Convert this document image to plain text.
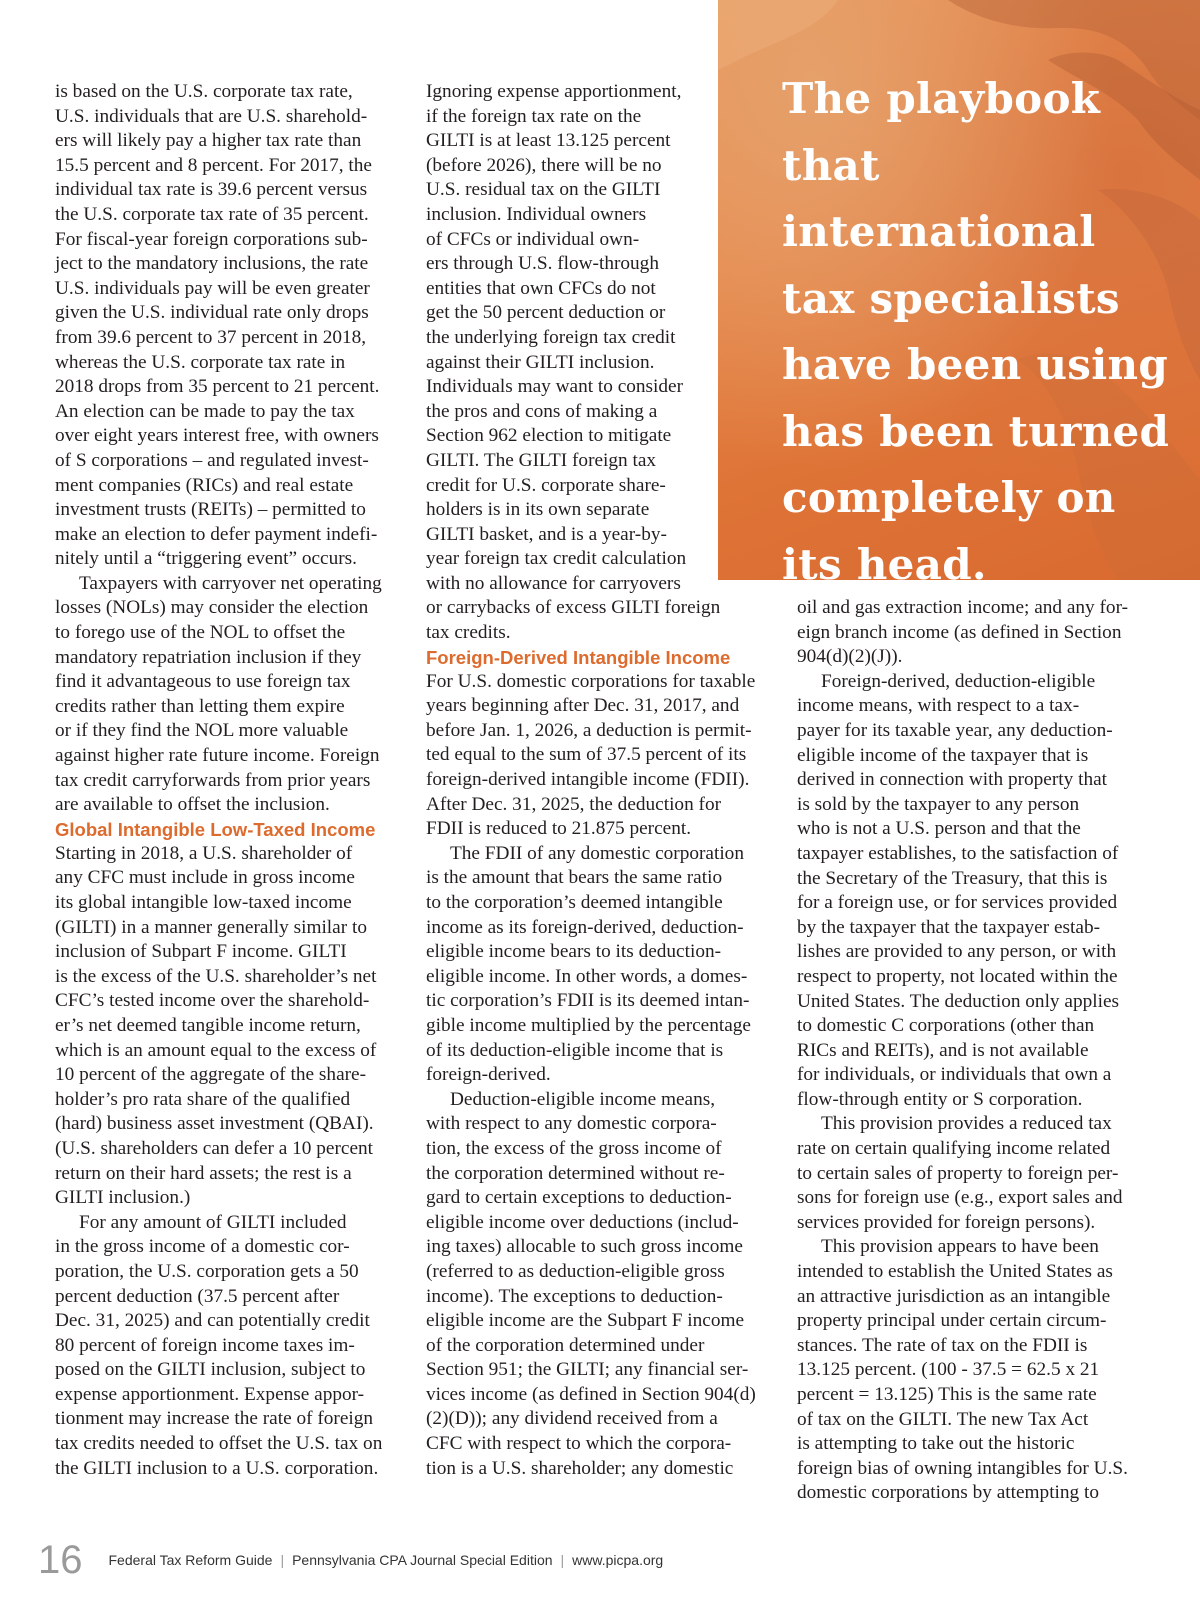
is based on the U.S. corporate tax rate,

U.S. individuals that are U.S. sharehold-

ers will likely pay a higher tax rate than

15.5 percent and 8 percent. For 2017, the

individual tax rate is 39.6 percent versus

the U.S. corporate tax rate of 35 percent.

For fiscal-year foreign corporations sub-

ject to the mandatory inclusions, the rate

U.S. individuals pay will be even greater

given the U.S. individual rate only drops

from 39.6 percent to 37 percent in 2018,

whereas the U.S. corporate tax rate in

2018 drops from 35 percent to 21 percent.

An election can be made to pay the tax

over eight years interest free, with owners

of S corporations – and regulated invest-

ment companies (RICs) and real estate

investment trusts (REITs) – permitted to

make an election to defer payment indefi-

nitely until a “triggering event” occurs.

Taxpayers with carryover net operating

losses (NOLs) may consider the election

to forego use of the NOL to offset the

mandatory repatriation inclusion if they

find it advantageous to use foreign tax

credits rather than letting them expire

or if they find the NOL more valuable

against higher rate future income. Foreign

tax credit carryforwards from prior years

are available to offset the inclusion.

Global Intangible Low-Taxed Income

Starting in 2018, a U.S. shareholder of

any CFC must include in gross income

its global intangible low-taxed income

(GILTI) in a manner generally similar to

inclusion of Subpart F income. GILTI

is the excess of the U.S. shareholder’s net

CFC’s tested income over the sharehold-

er’s net deemed tangible income return,

which is an amount equal to the excess of

10 percent of the aggregate of the share-

holder’s pro rata share of the qualified

(hard) business asset investment (QBAI).

(U.S. shareholders can defer a 10 percent

return on their hard assets; the rest is a

GILTI inclusion.)

For any amount of GILTI included

in the gross income of a domestic cor-

poration, the U.S. corporation gets a 50

percent deduction (37.5 percent after

Dec. 31, 2025) and can potentially credit

80 percent of foreign income taxes im-

posed on the GILTI inclusion, subject to

expense apportionment. Expense appor-

tionment may increase the rate of foreign

tax credits needed to offset the U.S. tax on

the GILTI inclusion to a U.S. corporation.

Ignoring expense apportionment,

if the foreign tax rate on the

GILTI is at least 13.125 percent

(before 2026), there will be no

U.S. residual tax on the GILTI

inclusion. Individual owners

of CFCs or individual own-

ers through U.S. flow-through

entities that own CFCs do not

get the 50 percent deduction or

the underlying foreign tax credit

against their GILTI inclusion.

Individuals may want to consider

the pros and cons of making a

Section 962 election to mitigate

GILTI. The GILTI foreign tax

credit for U.S. corporate share-

holders is in its own separate

GILTI basket, and is a year-by-

year foreign tax credit calculation

with no allowance for carryovers

or carrybacks of excess GILTI foreign

tax credits.

Foreign-Derived Intangible Income

For U.S. domestic corporations for taxable

years beginning after Dec. 31, 2017, and

before Jan. 1, 2026, a deduction is permit-

ted equal to the sum of 37.5 percent of its

foreign-derived intangible income (FDII).

After Dec. 31, 2025, the deduction for

FDII is reduced to 21.875 percent.

The FDII of any domestic corporation

is the amount that bears the same ratio

to the corporation’s deemed intangible

income as its foreign-derived, deduction-

eligible income bears to its deduction-

eligible income. In other words, a domes-

tic corporation’s FDII is its deemed intan-

gible income multiplied by the percentage

of its deduction-eligible income that is

foreign-derived.

Deduction-eligible income means,

with respect to any domestic corpora-

tion, the excess of the gross income of

the corporation determined without re-

gard to certain exceptions to deduction-

eligible income over deductions (includ-

ing taxes) allocable to such gross income

(referred to as deduction-eligible gross

income). The exceptions to deduction-

eligible income are the Subpart F income

of the corporation determined under

Section 951; the GILTI; any financial ser-

vices income (as defined in Section 904(d)

(2)(D)); any dividend received from a

CFC with respect to which the corpora-

tion is a U.S. shareholder; any domestic

The playbook
that international
tax specialists
have been using
has been turned
completely on
its head.

oil and gas extraction income; and any for-

eign branch income (as defined in Section

904(d)(2)(J)).

Foreign-derived, deduction-eligible

income means, with respect to a tax-

payer for its taxable year, any deduction-

eligible income of the taxpayer that is

derived in connection with property that

is sold by the taxpayer to any person

who is not a U.S. person and that the

taxpayer establishes, to the satisfaction of

the Secretary of the Treasury, that this is

for a foreign use, or for services provided

by the taxpayer that the taxpayer estab-

lishes are provided to any person, or with

respect to property, not located within the

United States. The deduction only applies

to domestic C corporations (other than

RICs and REITs), and is not available

for individuals, or individuals that own a

flow-through entity or S corporation.

This provision provides a reduced tax

rate on certain qualifying income related

to certain sales of property to foreign per-

sons for foreign use (e.g., export sales and

services provided for foreign persons).

This provision appears to have been

intended to establish the United States as

an attractive jurisdiction as an intangible

property principal under certain circum-

stances. The rate of tax on the FDII is

13.125 percent. (100 - 37.5 = 62.5 x 21

percent = 13.125) This is the same rate

of tax on the GILTI. The new Tax Act

is attempting to take out the historic

foreign bias of owning intangibles for U.S.

domestic corporations by attempting to

16 Federal Tax Reform Guide | Pennsylvania CPA Journal Special Edition | www.picpa.org
